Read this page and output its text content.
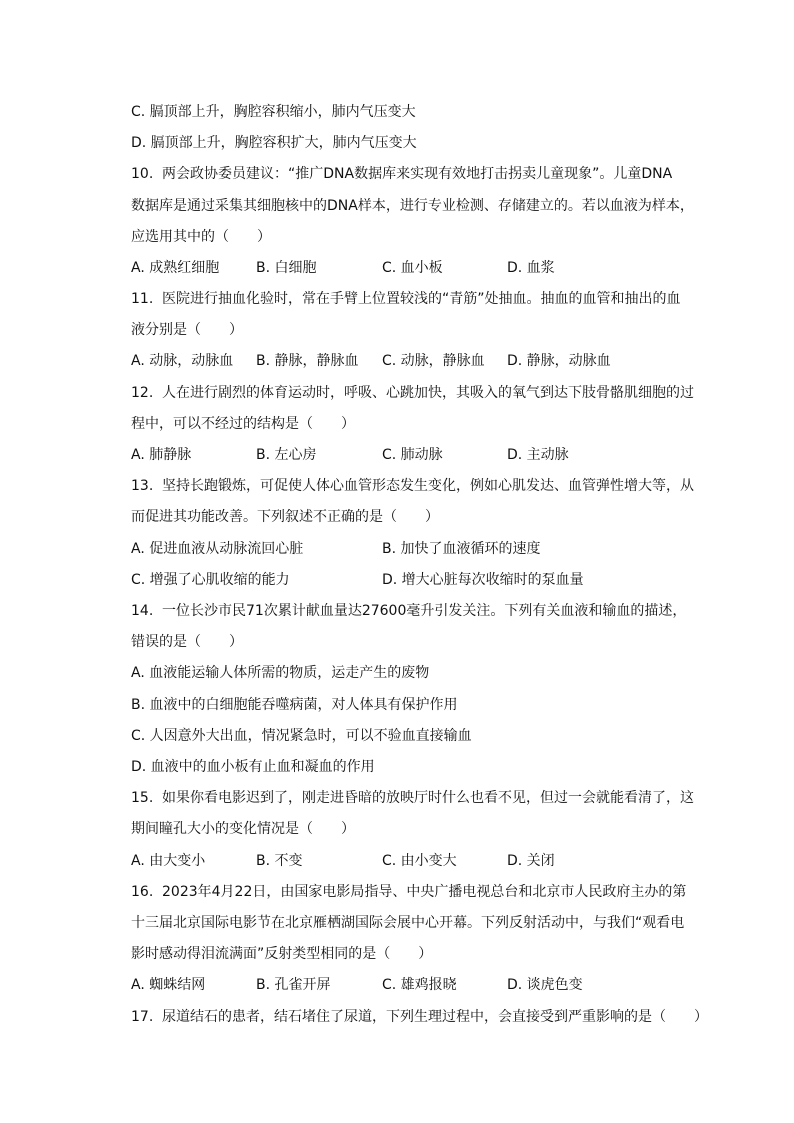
C. 膈顶部上升，胸腔容积缩小，肺内气压变大
D. 膈顶部上升，胸腔容积扩大，肺内气压变大
10. 两会政协委员建议：“推广DNA数据库来实现有效地打击拐卖儿童现象”。儿童DNA
数据库是通过采集其细胞核中的DNA样本，进行专业检测、存储建立的。若以血液为样本，
应选用其中的（　　）
A. 成熟红细胞	B. 白细胞	C. 血小板	D. 血浆
11. 医院进行抽血化验时，常在手臂上位置较浅的“青筋”处抽血。抽血的血管和抽出的血
液分别是（　　）
A. 动脉，动脉血 B. 静脉，静脉血 C. 动脉，静脉血 D. 静脉，动脉血
12. 人在进行剧烈的体育运动时，呼吸、心跳加快，其吸入的氧气到达下肢骨骼肌细胞的过
程中，可以不经过的结构是（　　）
A. 肺静脉	B. 左心房	C. 肺动脉	D. 主动脉
13. 坚持长跑锻炼，可促使人体心血管形态发生变化，例如心肌发达、血管弹性增大等，从
而促进其功能改善。下列叙述不正确的是（　　）
A. 促进血液从动脉流回心脏	B. 加快了血液循环的速度
C. 增强了心肌收缩的能力	D. 增大心脏每次收缩时的泵血量
14. 一位长沙市民71次累计献血量达27600毫升引发关注。下列有关血液和输血的描述，
错误的是（　　）
A. 血液能运输人体所需的物质，运走产生的废物
B. 血液中的白细胞能吞噬病菌，对人体具有保护作用
C. 人因意外大出血，情况紧急时，可以不验血直接输血
D. 血液中的血小板有止血和凝血的作用
15. 如果你看电影迟到了，刚走进昏暗的放映厅时什么也看不见，但过一会就能看清了，这
期间瞳孔大小的变化情况是（　　）
A. 由大变小	B. 不变	C. 由小变大	D. 关闭
16. 2023年4月22日，由国家电影局指导、中央广播电视总台和北京市人民政府主办的第
十三届北京国际电影节在北京雁栖湖国际会展中心开幕。下列反射活动中，与我们“观看电
影时感动得泪流满面”反射类型相同的是（　　）
A. 蜘蛛结网	B. 孔雀开屏	C. 雄鸡报晓	D. 谈虎色变
17. 尿道结石的患者，结石堵住了尿道，下列生理过程中，会直接受到严重影响的是（　　）
